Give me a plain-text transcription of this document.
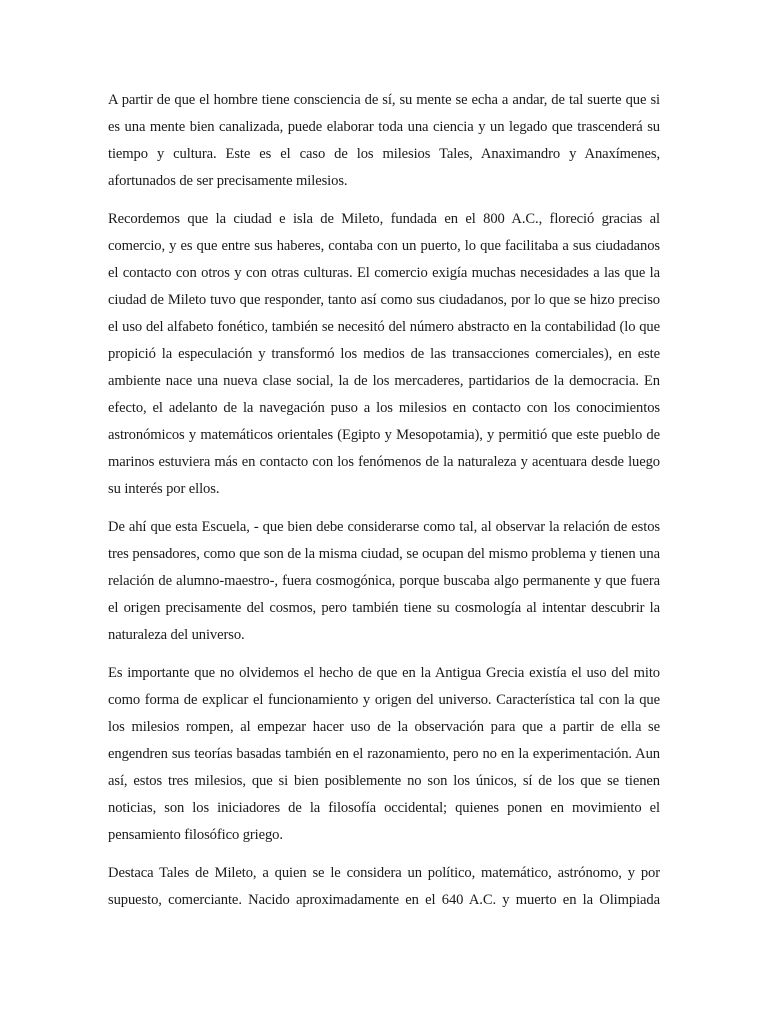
A partir de que el hombre tiene consciencia de sí, su mente se echa a andar, de tal suerte que si es una mente bien canalizada, puede elaborar toda una ciencia y un legado que trascenderá su tiempo y cultura. Este es el caso de los milesios Tales, Anaximandro y Anaxímenes, afortunados de ser precisamente milesios.

Recordemos que la ciudad e isla de Mileto, fundada en el 800 A.C., floreció gracias al comercio, y es que entre sus haberes, contaba con un puerto, lo que facilitaba a sus ciudadanos el contacto con otros y con otras culturas. El comercio exigía muchas necesidades a las que la ciudad de Mileto tuvo que responder, tanto así como sus ciudadanos, por lo que se hizo preciso el uso del alfabeto fonético, también se necesitó del número abstracto en la contabilidad (lo que propició la especulación y transformó los medios de las transacciones comerciales), en este ambiente nace una nueva clase social, la de los mercaderes, partidarios de la democracia. En efecto, el adelanto de la navegación puso a los milesios en contacto con los conocimientos astronómicos y matemáticos orientales (Egipto y Mesopotamia), y permitió que este pueblo de marinos estuviera más en contacto con los fenómenos de la naturaleza y acentuara desde luego su interés por ellos.

De ahí que esta Escuela, - que bien debe considerarse como tal, al observar la relación de estos tres pensadores, como que son de la misma ciudad, se ocupan del mismo problema y tienen una relación de alumno-maestro-, fuera cosmogónica, porque buscaba algo permanente y que fuera el origen precisamente del cosmos, pero también tiene su cosmología al intentar descubrir la naturaleza del universo.

Es importante que no olvidemos el hecho de que en la Antigua Grecia existía el uso del mito como forma de explicar el funcionamiento y origen del universo. Característica tal con la que los milesios rompen, al empezar hacer uso de la observación para que a partir de ella se engendren sus teorías basadas también en el razonamiento, pero no en la experimentación. Aun así, estos tres milesios, que si bien posiblemente no son los únicos, sí de los que se tienen noticias, son los iniciadores de la filosofía occidental; quienes ponen en movimiento el pensamiento filosófico griego.

Destaca Tales de Mileto, a quien se le considera un político, matemático, astrónomo, y por supuesto, comerciante. Nacido aproximadamente en el 640 A.C. y muerto en la Olimpiada
